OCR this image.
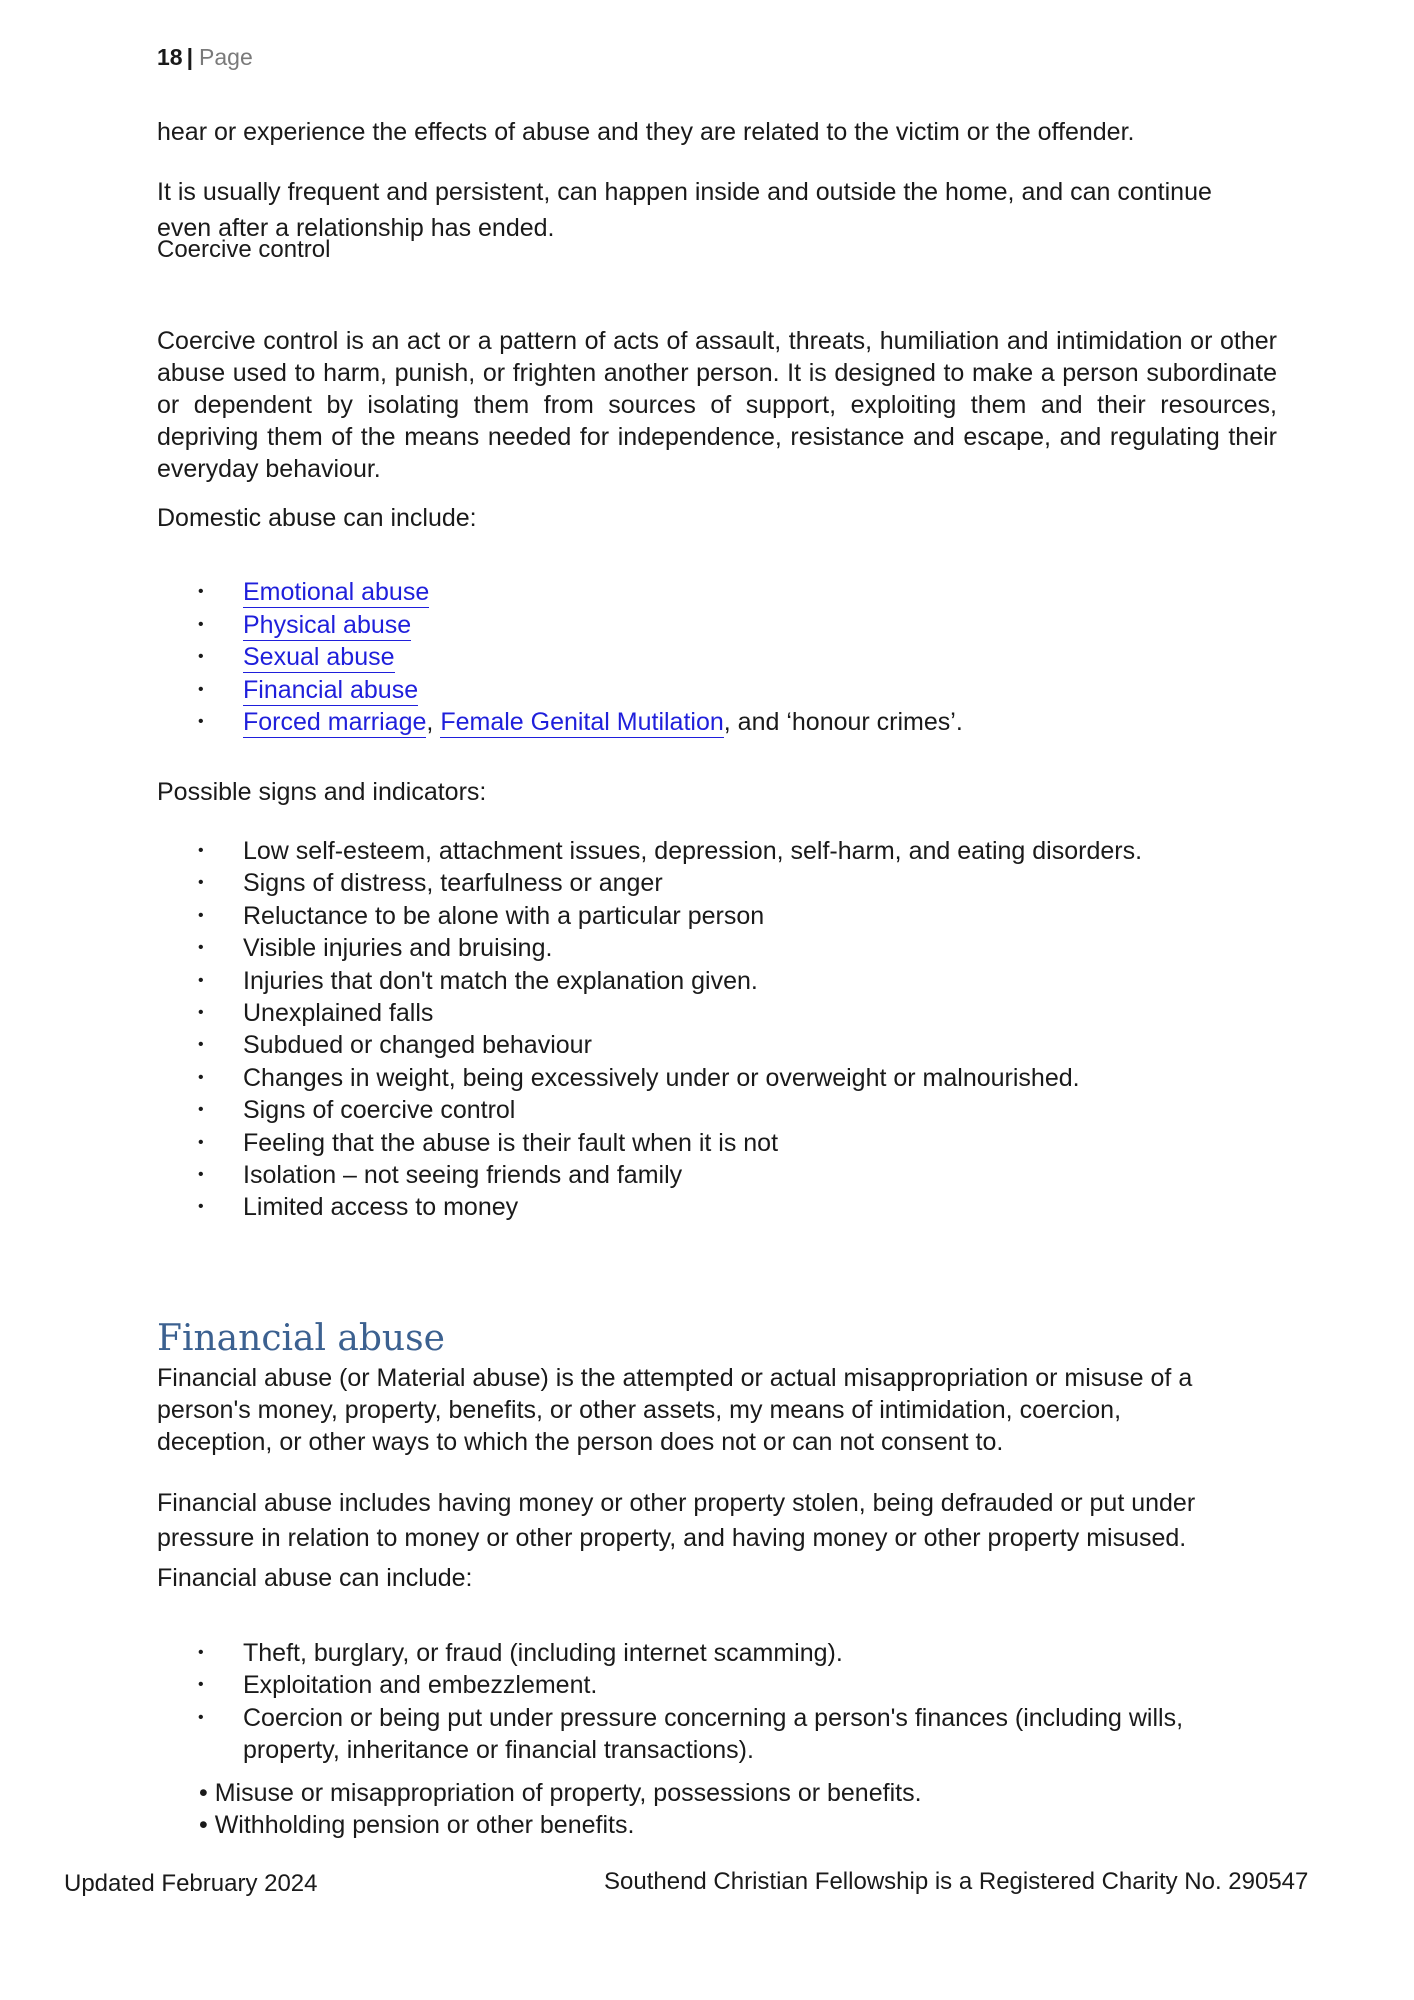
18 | Page
hear or experience the effects of abuse and they are related to the victim or the offender.
It is usually frequent and persistent, can happen inside and outside the home, and can continue even after a relationship has ended.
Coercive control
Coercive control is an act or a pattern of acts of assault, threats, humiliation and intimidation or other abuse used to harm, punish, or frighten another person. It is designed to make a person subordinate or dependent by isolating them from sources of support, exploiting them and their resources, depriving them of the means needed for independence, resistance and escape, and regulating their everyday behaviour.
Domestic abuse can include:
• Emotional abuse
• Physical abuse
• Sexual abuse
• Financial abuse
• Forced marriage, Female Genital Mutilation, and ‘honour crimes’.
Possible signs and indicators:
• Low self-esteem, attachment issues, depression, self-harm, and eating disorders.
• Signs of distress, tearfulness or anger
• Reluctance to be alone with a particular person
• Visible injuries and bruising.
• Injuries that don't match the explanation given.
• Unexplained falls
• Subdued or changed behaviour
• Changes in weight, being excessively under or overweight or malnourished.
• Signs of coercive control
• Feeling that the abuse is their fault when it is not
• Isolation – not seeing friends and family
• Limited access to money
Financial abuse
Financial abuse (or Material abuse) is the attempted or actual misappropriation or misuse of a person's money, property, benefits, or other assets, my means of intimidation, coercion, deception, or other ways to which the person does not or can not consent to.
Financial abuse includes having money or other property stolen, being defrauded or put under pressure in relation to money or other property, and having money or other property misused.
Financial abuse can include:
• Theft, burglary, or fraud (including internet scamming).
• Exploitation and embezzlement.
• Coercion or being put under pressure concerning a person's finances (including wills, property, inheritance or financial transactions).
• Misuse or misappropriation of property, possessions or benefits.
• Withholding pension or other benefits.
Updated February 2024	Southend Christian Fellowship is a Registered Charity No. 290547
